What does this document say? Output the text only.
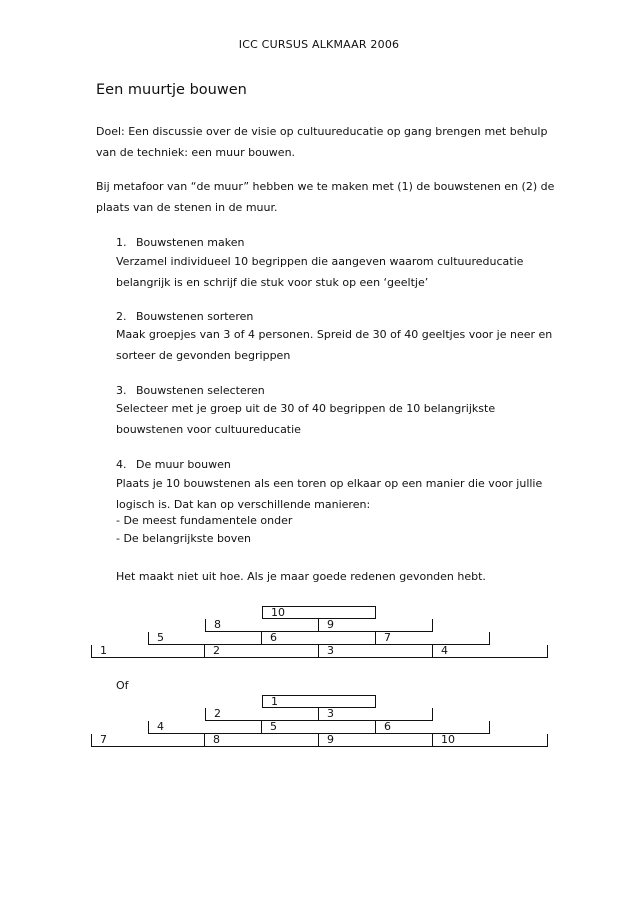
ICC CURSUS ALKMAAR 2006
Een muurtje bouwen
Doel: Een discussie over de visie op cultuureducatie op gang brengen met behulp van de techniek: een muur bouwen.
Bij metafoor van “de muur” hebben we te maken met (1) de bouwstenen en (2) de plaats van de stenen in de muur.
1. Bouwstenen maken
Verzamel individueel 10 begrippen die aangeven waarom cultuureducatie belangrijk is en schrijf die stuk voor stuk op een ‘geeltje’
2. Bouwstenen sorteren
Maak groepjes van 3 of 4 personen. Spreid de 30 of 40 geeltjes voor je neer en sorteer de gevonden begrippen
3. Bouwstenen selecteren
Selecteer met je groep uit de 30 of 40 begrippen de 10 belangrijkste bouwstenen voor cultuureducatie
4. De muur bouwen
Plaats je 10 bouwstenen als een toren op elkaar op een manier die voor jullie logisch is. Dat kan op verschillende manieren:
- De meest fundamentele onder
- De belangrijkste boven
Het maakt niet uit hoe. Als je maar goede redenen gevonden hebt.
10
8	9
5	6	7
1	2	3	4
Of
1
2	3
4	5	6
7	8	9	10
